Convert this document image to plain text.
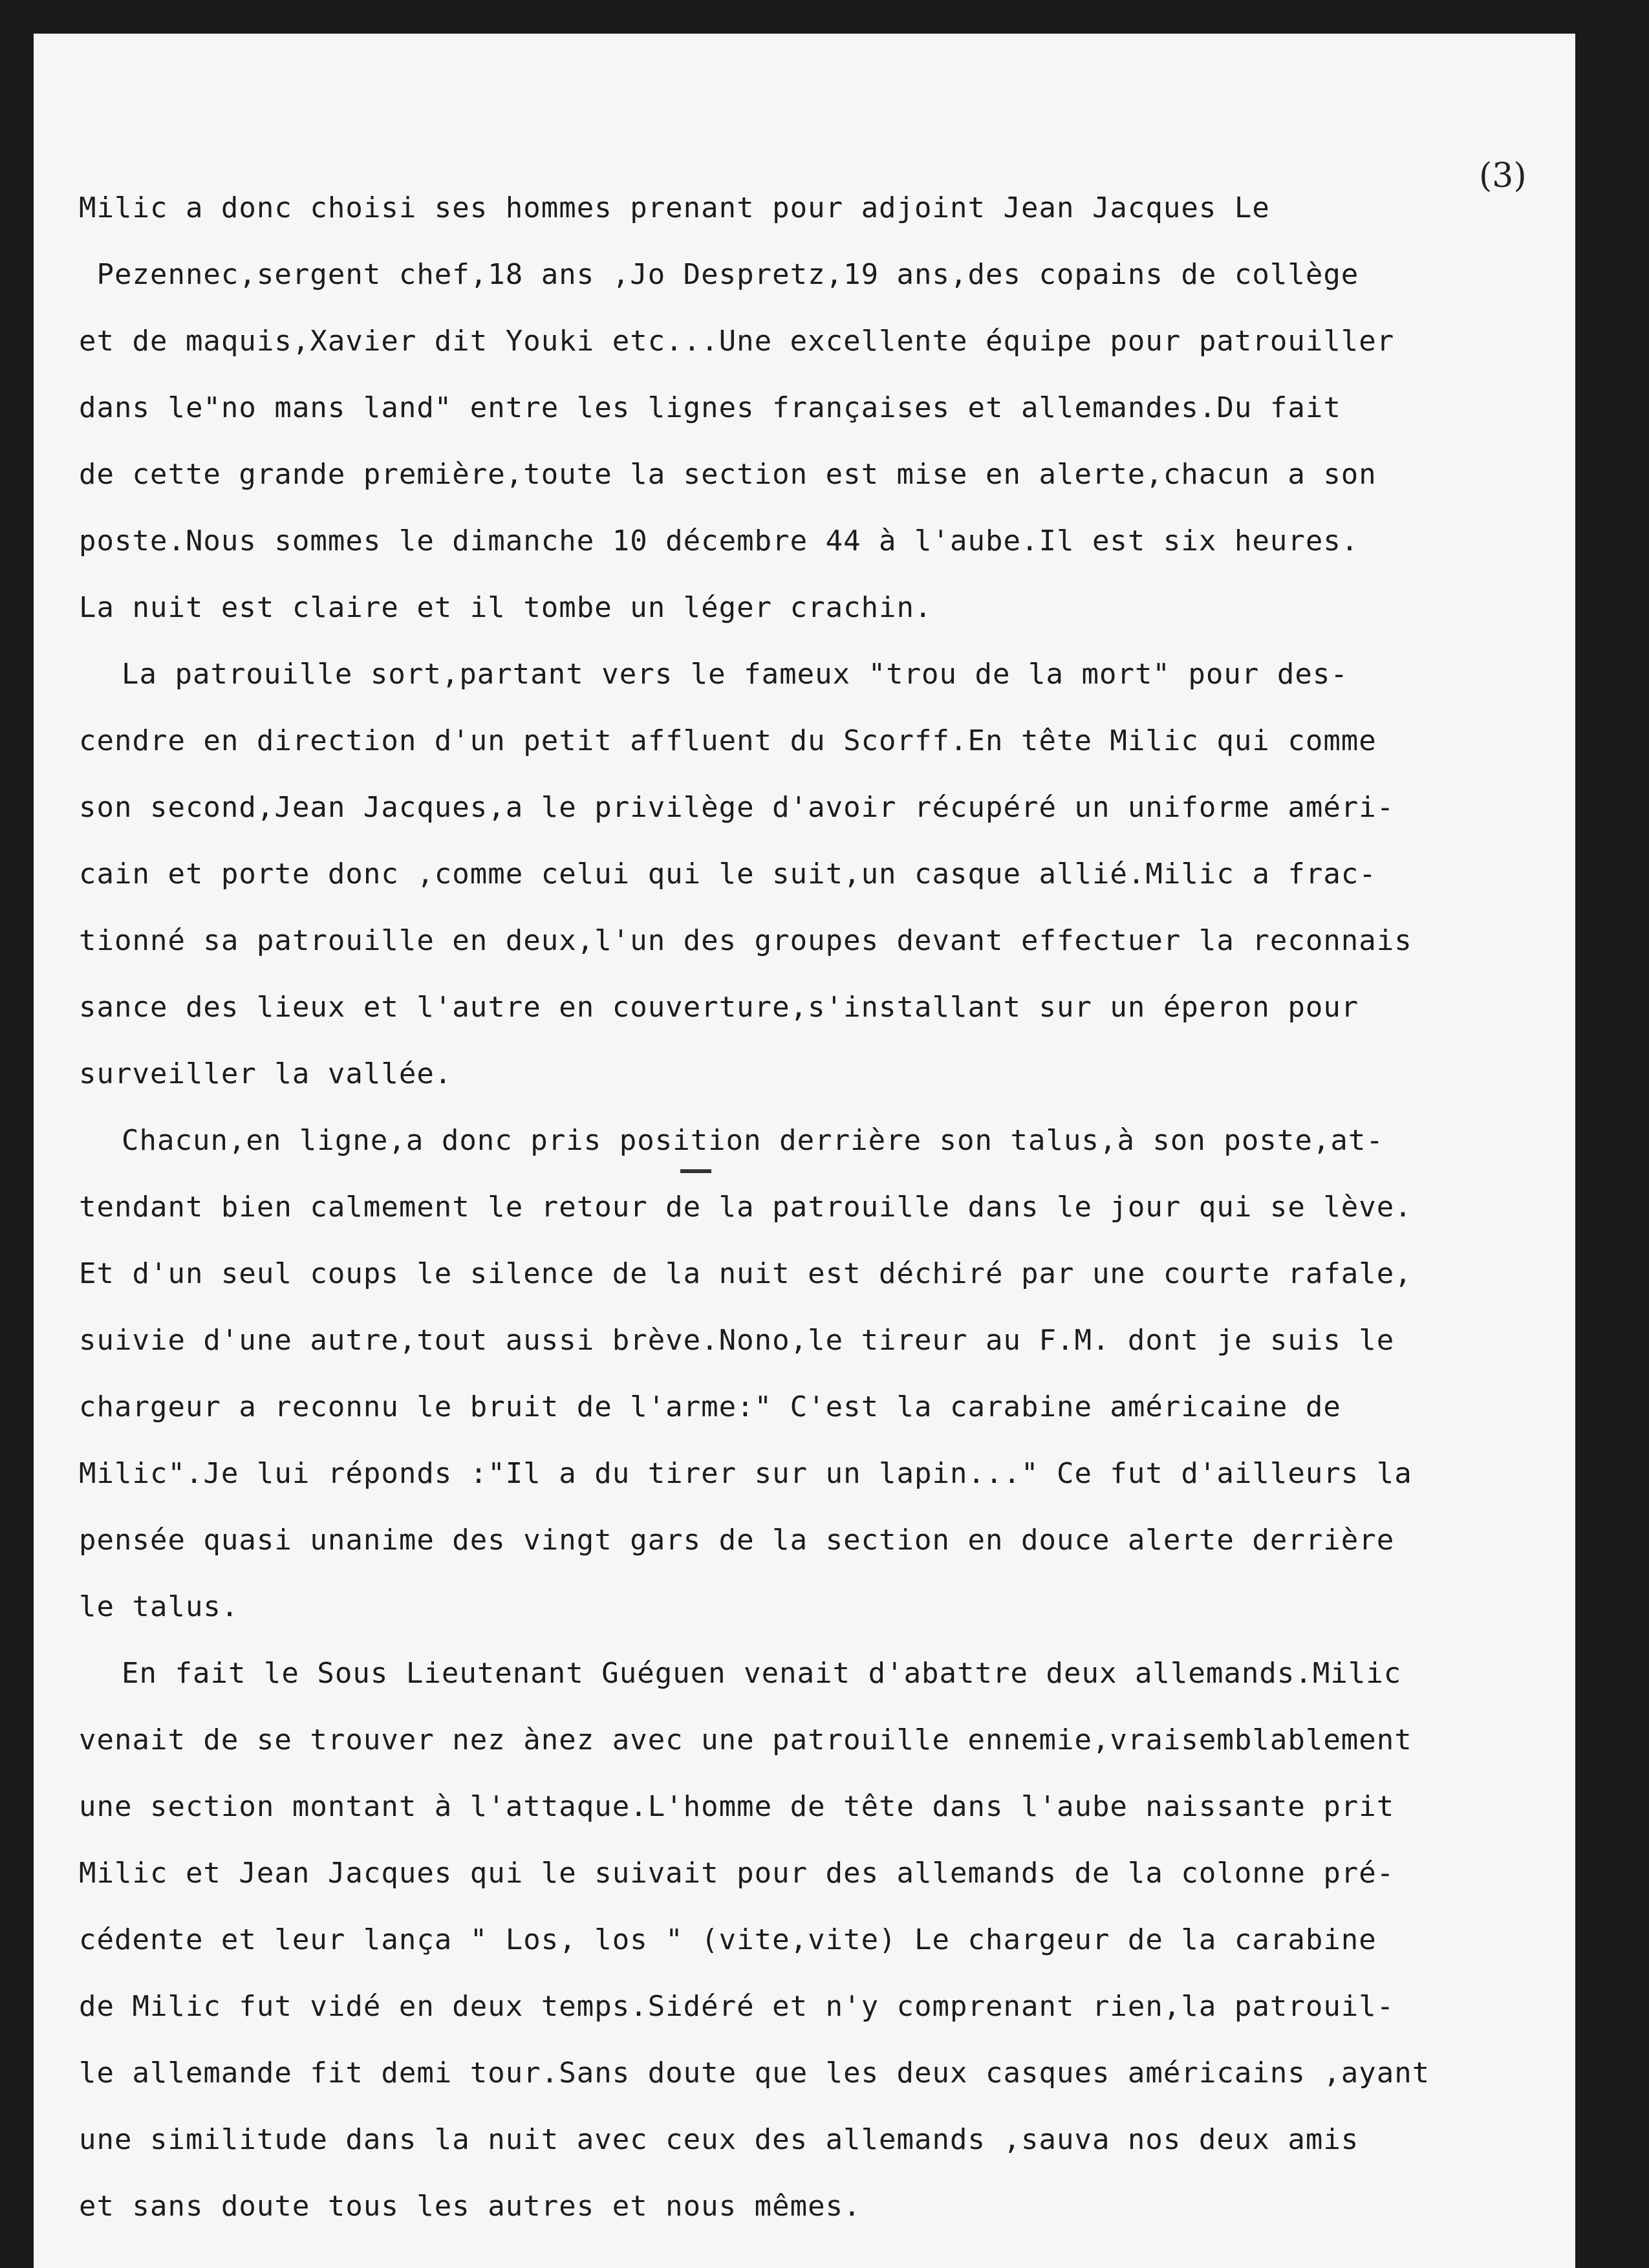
(3)
Milic a donc choisi ses hommes prenant pour adjoint Jean Jacques Le
Pezennec,sergent chef,18 ans ,Jo Despretz,19 ans,des copains de collège
et de maquis,Xavier dit Youki etc...Une excellente équipe pour patrouiller
dans le"no mans land" entre les lignes françaises et allemandes.Du fait
de cette grande première,toute la section est mise en alerte,chacun a son
poste.Nous sommes le dimanche 10 décembre 44 à l'aube.Il est six heures.
La nuit est claire et il tombe un léger crachin.
La patrouille sort,partant vers le fameux "trou de la mort" pour des-
cendre en direction d'un petit affluent du Scorff.En tête Milic qui comme
son second,Jean Jacques,a le privilège d'avoir récupéré un uniforme améri-
cain et porte donc ,comme celui qui le suit,un casque allié.Milic a frac-
tionné sa patrouille en deux,l'un des groupes devant effectuer la reconnais
sance des lieux et l'autre en couverture,s'installant sur un éperon pour
surveiller la vallée.
Chacun,en ligne,a donc pris position derrière son talus,à son poste,at-
tendant bien calmement le retour de la patrouille dans le jour qui se lève.
Et d'un seul coups le silence de la nuit est déchiré par une courte rafale,
suivie d'une autre,tout aussi brève.Nono,le tireur au F.M. dont je suis le
chargeur a reconnu le bruit de l'arme:" C'est la carabine américaine de
Milic".Je lui réponds :"Il a du tirer sur un lapin..." Ce fut d'ailleurs la
pensée quasi unanime des vingt gars de la section en douce alerte derrière
le talus.
En fait le Sous Lieutenant Guéguen venait d'abattre deux allemands.Milic
venait de se trouver nez ànez avec une patrouille ennemie,vraisemblablement
une section montant à l'attaque.L'homme de tête dans l'aube naissante prit
Milic et Jean Jacques qui le suivait pour des allemands de la colonne pré-
cédente et leur lança " Los, los " (vite,vite) Le chargeur de la carabine
de Milic fut vidé en deux temps.Sidéré et n'y comprenant rien,la patrouil-
le allemande fit demi tour.Sans doute que les deux casques américains ,ayant
une similitude dans la nuit avec ceux des allemands ,sauva nos deux amis
et sans doute tous les autres et nous mêmes.
